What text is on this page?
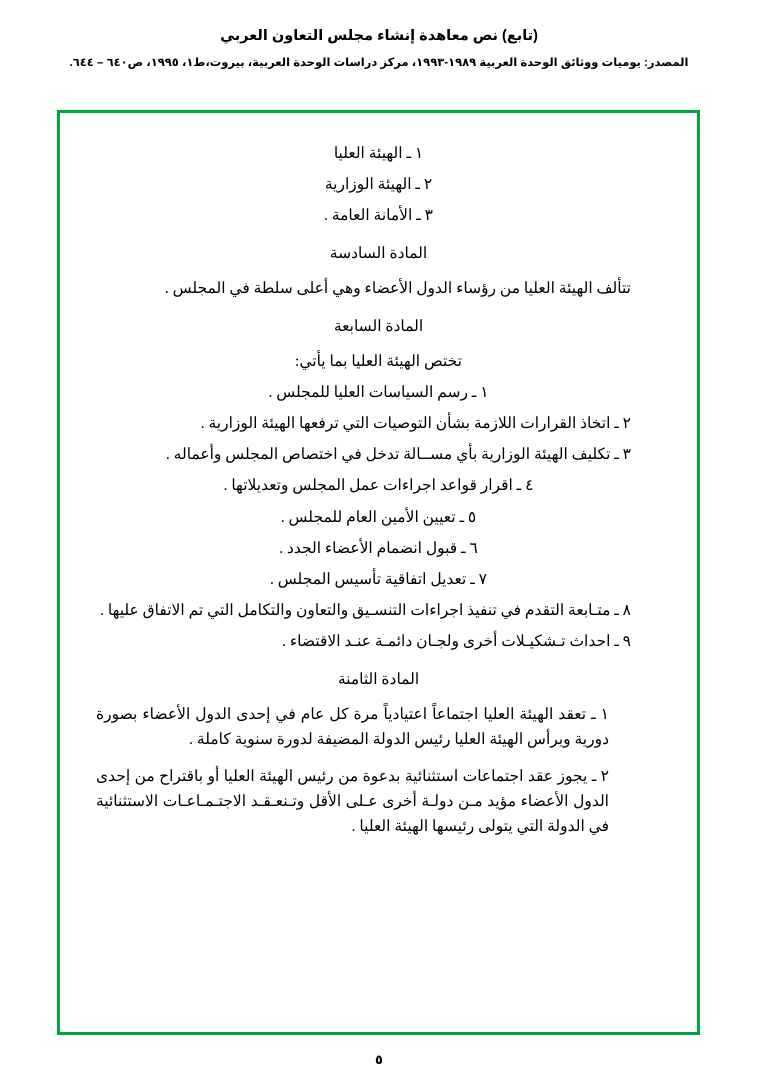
(تابع) نص معاهدة إنشاء مجلس التعاون العربي
المصدر: يوميات ووثائق الوحدة العربية ١٩٨٩-١٩٩٣، مركز دراسات الوحدة العربية، بيروت،ط١، ١٩٩٥، ص٦٤٠ – ٦٤٤.
١ ـ الهيئة العليا
٢ ـ الهيئة الوزارية
٣ ـ الأمانة العامة .
المادة السادسة
تتألف الهيئة العليا من رؤساء الدول الأعضاء وهي أعلى سلطة في المجلس .
المادة السابعة
تختص الهيئة العليا بما يأتي:
١ ـ رسم السياسات العليا للمجلس .
٢ ـ اتخاذ القرارات اللازمة بشأن التوصيات التي ترفعها الهيئة الوزارية .
٣ ـ تكليف الهيئة الوزارية بأي مســالة تدخل في اختصاص المجلس وأعماله .
٤ ـ اقرار قواعد اجراءات عمل المجلس وتعديلاتها .
٥ ـ تعيين الأمين العام للمجلس .
٦ ـ قبول انضمام الأعضاء الجدد .
٧ ـ تعديل اتفاقية تأسيس المجلس .
٨ ـ متـابعة التقدم في تنفيذ اجراءات التنسـيق والتعاون والتكامل التي تم الاتفاق عليها .
٩ ـ احداث تـشكيـلات أخرى ولجـان دائمـة عنـد الاقتضاء .
المادة الثامنة
١ ـ تعقد الهيئة العليا اجتماعاً اعتيادياً مرة كل عام في إحدى الدول الأعضاء بصورة دورية ويرأس الهيئة العليا رئيس الدولة المضيفة لدورة سنوية كاملة .
٢ ـ يجوز عقد اجتماعات استثنائية بدعوة من رئيس الهيئة العليا أو باقتراح من إحدى الدول الأعضاء مؤيد مـن دولـة أخرى عـلى الأقل وتـنعـقـد الاجتـمـاعـات الاستثنائية في الدولة التي يتولى رئيسها الهيئة العليا .
٥
